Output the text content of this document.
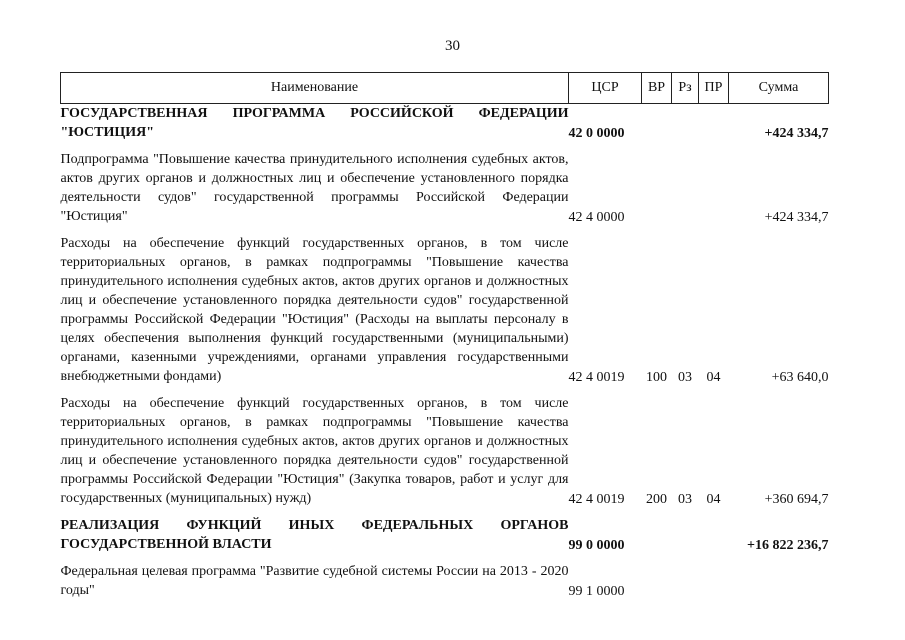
30
Наименование	ЦСР	ВР	Рз	ПР	Сумма
ГОСУДАРСТВЕННАЯ ПРОГРАММА РОССИЙСКОЙ ФЕДЕРАЦИИ "ЮСТИЦИЯ"	42 0 0000				+424 334,7

Подпрограмма "Повышение качества принудительного исполнения судебных актов, актов других органов и должностных лиц и обеспечение установленного порядка деятельности судов" государственной программы Российской Федерации "Юстиция"	42 4 0000				+424 334,7

Расходы на обеспечение функций государственных органов, в том числе территориальных органов, в рамках подпрограммы "Повышение качества принудительного исполнения судебных актов, актов других органов и должностных лиц и обеспечение установленного порядка деятельности судов" государственной программы Российской Федерации "Юстиция" (Расходы на выплаты персоналу в целях обеспечения выполнения функций государственными (муниципальными) органами, казенными учреждениями, органами управления государственными внебюджетными фондами)	42 4 0019	100	03	04	+63 640,0

Расходы на обеспечение функций государственных органов, в том числе территориальных органов, в рамках подпрограммы "Повышение качества принудительного исполнения судебных актов, актов других органов и должностных лиц и обеспечение установленного порядка деятельности судов" государственной программы Российской Федерации "Юстиция" (Закупка товаров, работ и услуг для государственных (муниципальных) нужд)	42 4 0019	200	03	04	+360 694,7

РЕАЛИЗАЦИЯ ФУНКЦИЙ ИНЫХ ФЕДЕРАЛЬНЫХ ОРГАНОВ ГОСУДАРСТВЕННОЙ ВЛАСТИ	99 0 0000				+16 822 236,7

Федеральная целевая программа "Развитие судебной системы России на 2013 - 2020 годы"	99 1 0000				
